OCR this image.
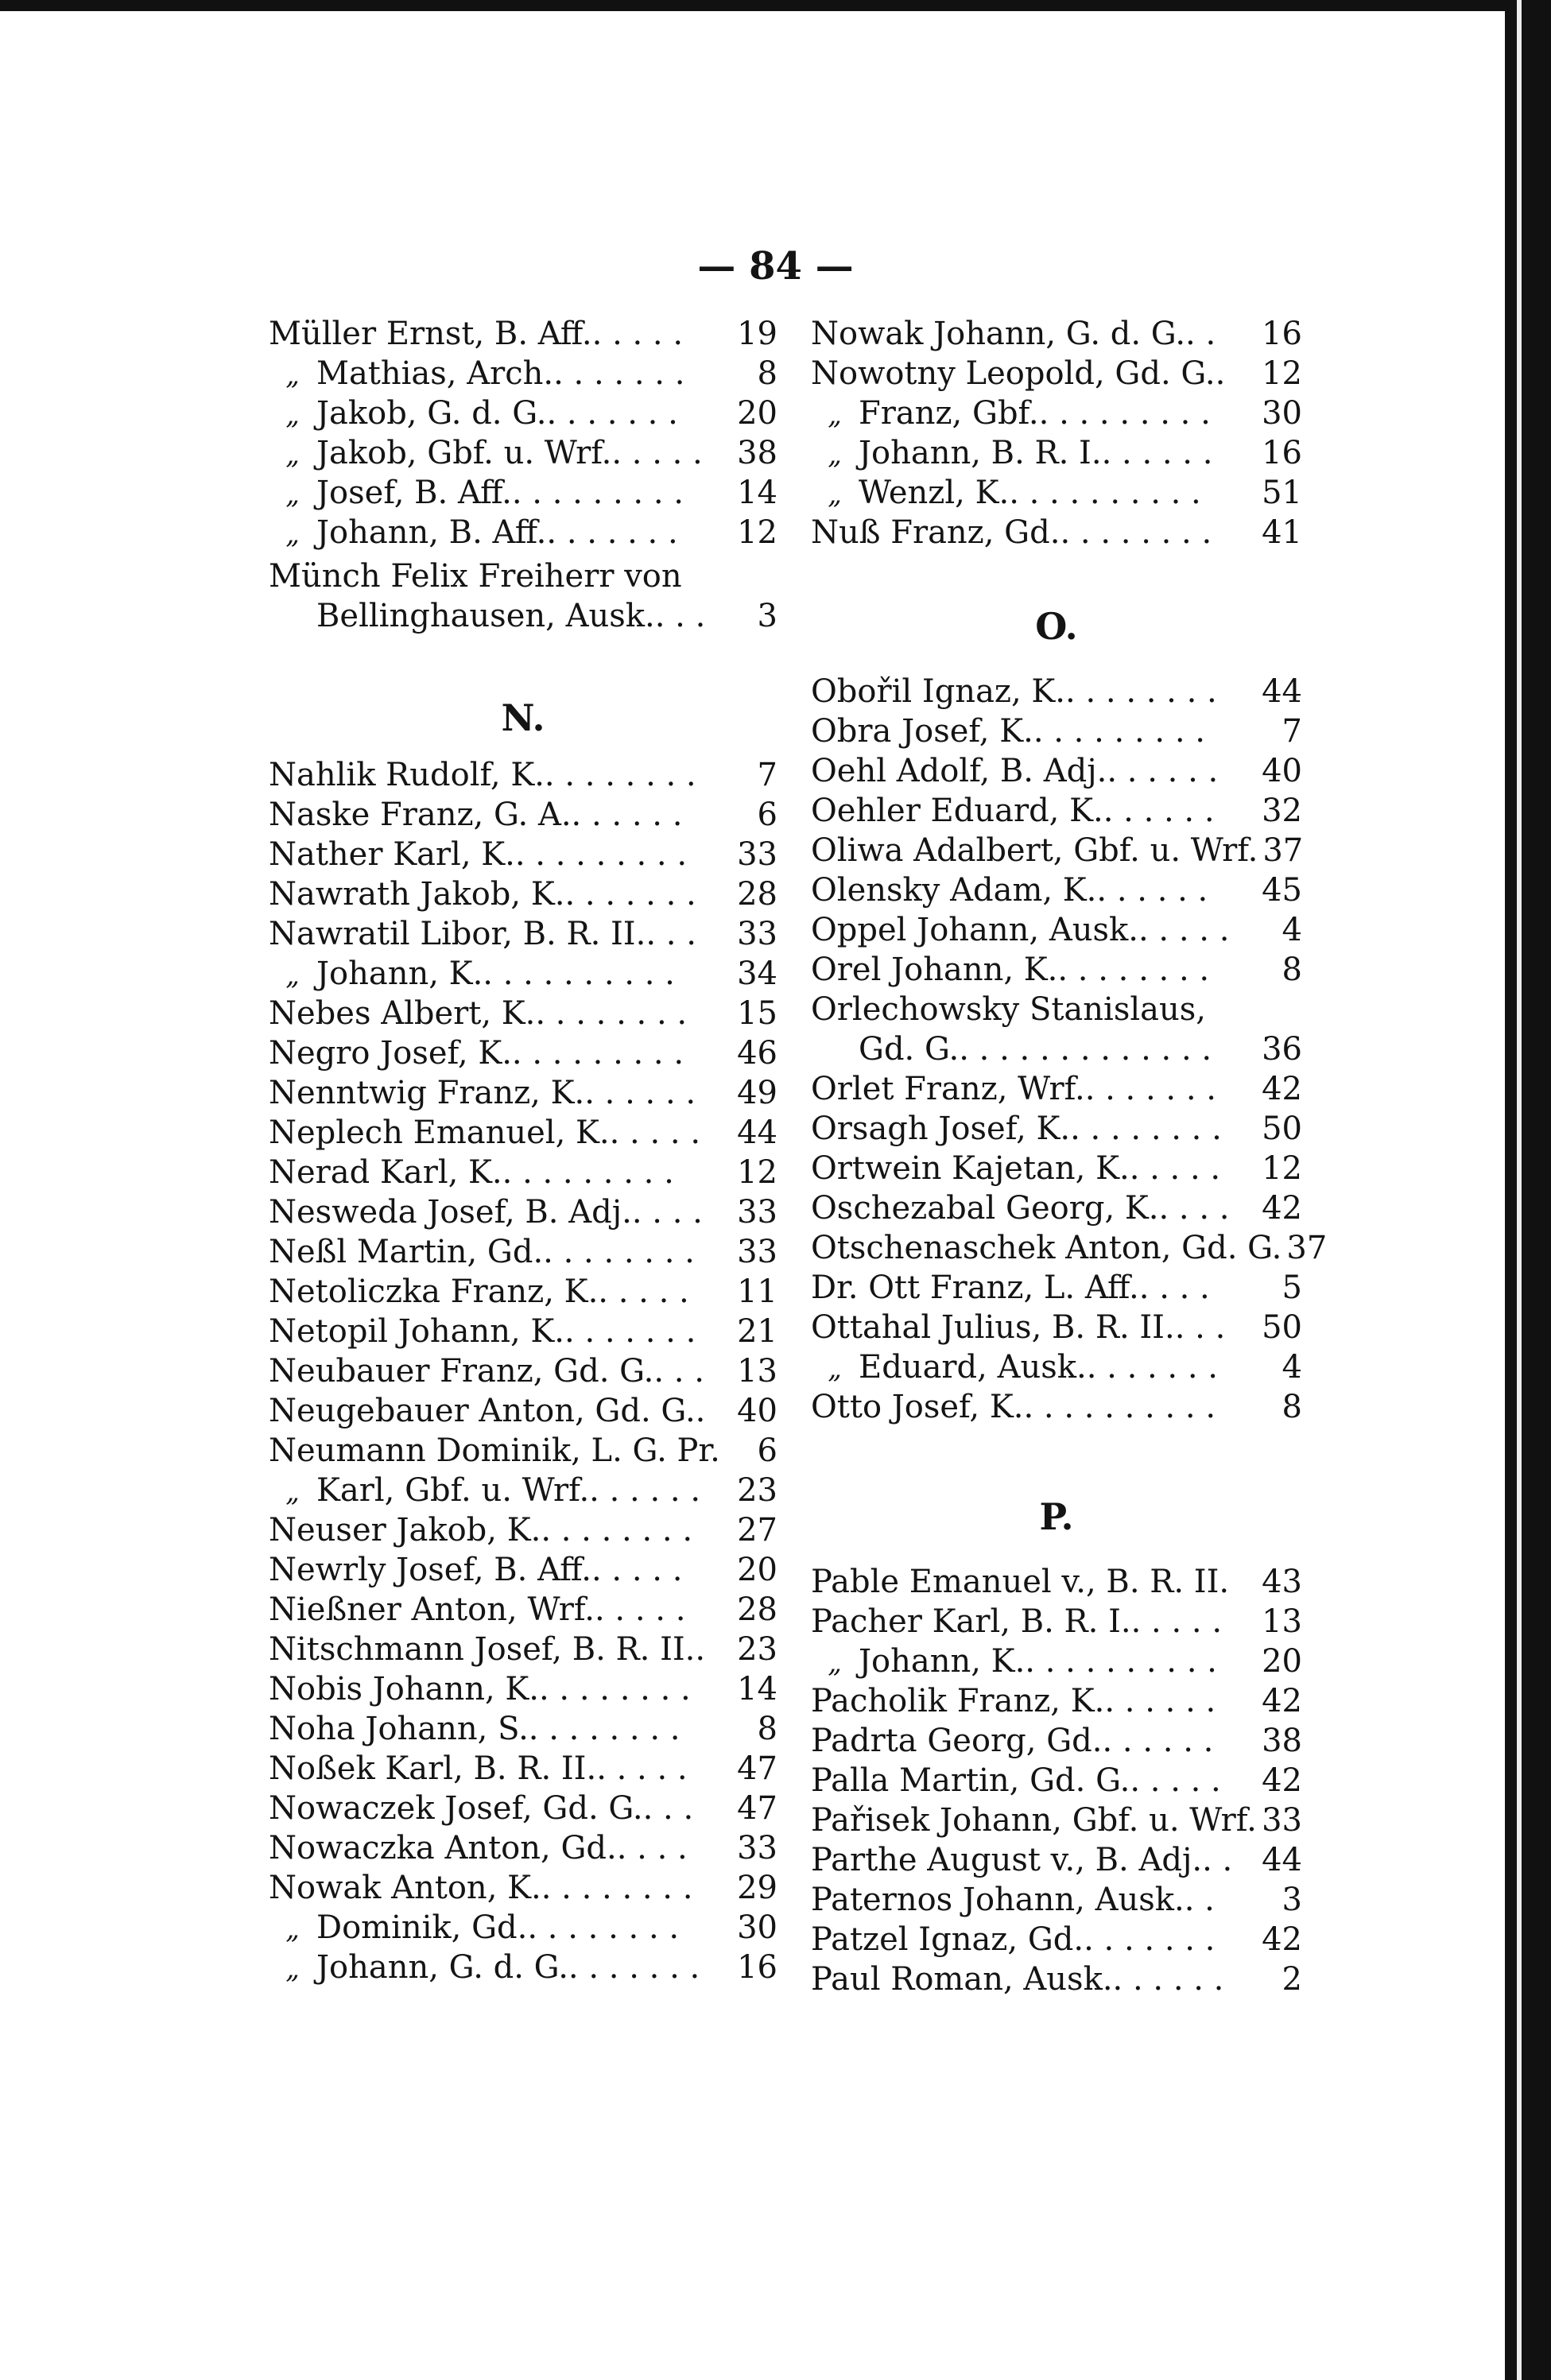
— 84 —
Müller Ernst, B. Aff. . . . . .	19
„ Mathias, Arch. . . . . . . .	8
„ Jakob, G. d. G. . . . . . . .	20
„ Jakob, Gbf. u. Wrf. . . . . .	38
„ Josef, B. Aff. . . . . . . . . .	14
„ Johann, B. Aff. . . . . . . .	12
Münch Felix Freiherr von
Bellinghausen, Ausk. . . .	3
N.
Nahlik Rudolf, K. . . . . . . . .	7
Naske Franz, G. A. . . . . . .	6
Nather Karl, K. . . . . . . . . .	33
Nawrath Jakob, K. . . . . . . .	28
Nawratil Libor, B. R. II. . . .	33
„ Johann, K. . . . . . . . . . .	34
Nebes Albert, K. . . . . . . . .	15
Negro Josef, K. . . . . . . . . .	46
Nenntwig Franz, K. . . . . . .	49
Neplech Emanuel, K. . . . . .	44
Nerad Karl, K. . . . . . . . . .	12
Nesweda Josef, B. Adj. . . . .	33
Neßl Martin, Gd. . . . . . . . .	33
Netoliczka Franz, K. . . . . .	11
Netopil Johann, K. . . . . . . .	21
Neubauer Franz, Gd. G. . . .	13
Neugebauer Anton, Gd. G. . 40
Neumann Dominik, L. G. Pr.	6
„ Karl, Gbf. u. Wrf. . . . . . .	23
Neuser Jakob, K. . . . . . . . .	27
Newrly Josef, B. Aff. . . . . .	20
Nießner Anton, Wrf. . . . . .	28
Nitschmann Josef, B. R. II. . 23
Nobis Johann, K. . . . . . . . .	14
Noha Johann, S. . . . . . . . .	8
Noßek Karl, B. R. II. . . . . .	47
Nowaczek Josef, Gd. G. . . .	47
Nowaczka Anton, Gd. . . . .	33
Nowak Anton, K. . . . . . . . .	29
„ Dominik, Gd. . . . . . . . .	30
„ Johann, G. d. G. . . . . . . .	16
Nowak Johann, G. d. G. . .	16
Nowotny Leopold, Gd. G. .	12
„ Franz, Gbf. . . . . . . . . .	30
„ Johann, B. R. I. . . . . . .	16
„ Wenzl, K. . . . . . . . . . .	51
Nuß Franz, Gd. . . . . . . . .	41
O.
Obořil Ignaz, K. . . . . . . . .	44
Obra Josef, K. . . . . . . . . .	7
Oehl Adolf, B. Adj. . . . . . .	40
Oehler Eduard, K. . . . . . .	32
Oliwa Adalbert, Gbf. u. Wrf. 37
Olensky Adam, K. . . . . . .	45
Oppel Johann, Ausk. . . . . .	4
Orel Johann, K. . . . . . . . .	8
Orlechowsky Stanislaus,
Gd. G. . . . . . . . . . . . . .	36
Orlet Franz, Wrf. . . . . . . .	42
Orsagh Josef, K. . . . . . . . .	50
Ortwein Kajetan, K. . . . . .	12
Oschezabal Georg, K. . . . .	42
Otschenaschek Anton, Gd. G. 37
Dr. Ott Franz, L. Aff. . . . .	5
Ottahal Julius, B. R. II. . . .	50
„ Eduard, Ausk. . . . . . . .	4
Otto Josef, K. . . . . . . . . . .	8
P.
Pable Emanuel v., B. R. II. 43
Pacher Karl, B. R. I. . . . . .	13
„ Johann, K. . . . . . . . . . .	20
Pacholik Franz, K. . . . . . .	42
Padrta Georg, Gd. . . . . . .	38
Palla Martin, Gd. G. . . . . .	42
Pařisek Johann, Gbf. u. Wrf. 33
Parthe August v., B. Adj. . . 44
Paternos Johann, Ausk. . .	3
Patzel Ignaz, Gd. . . . . . . .	42
Paul Roman, Ausk. . . . . . .	2
